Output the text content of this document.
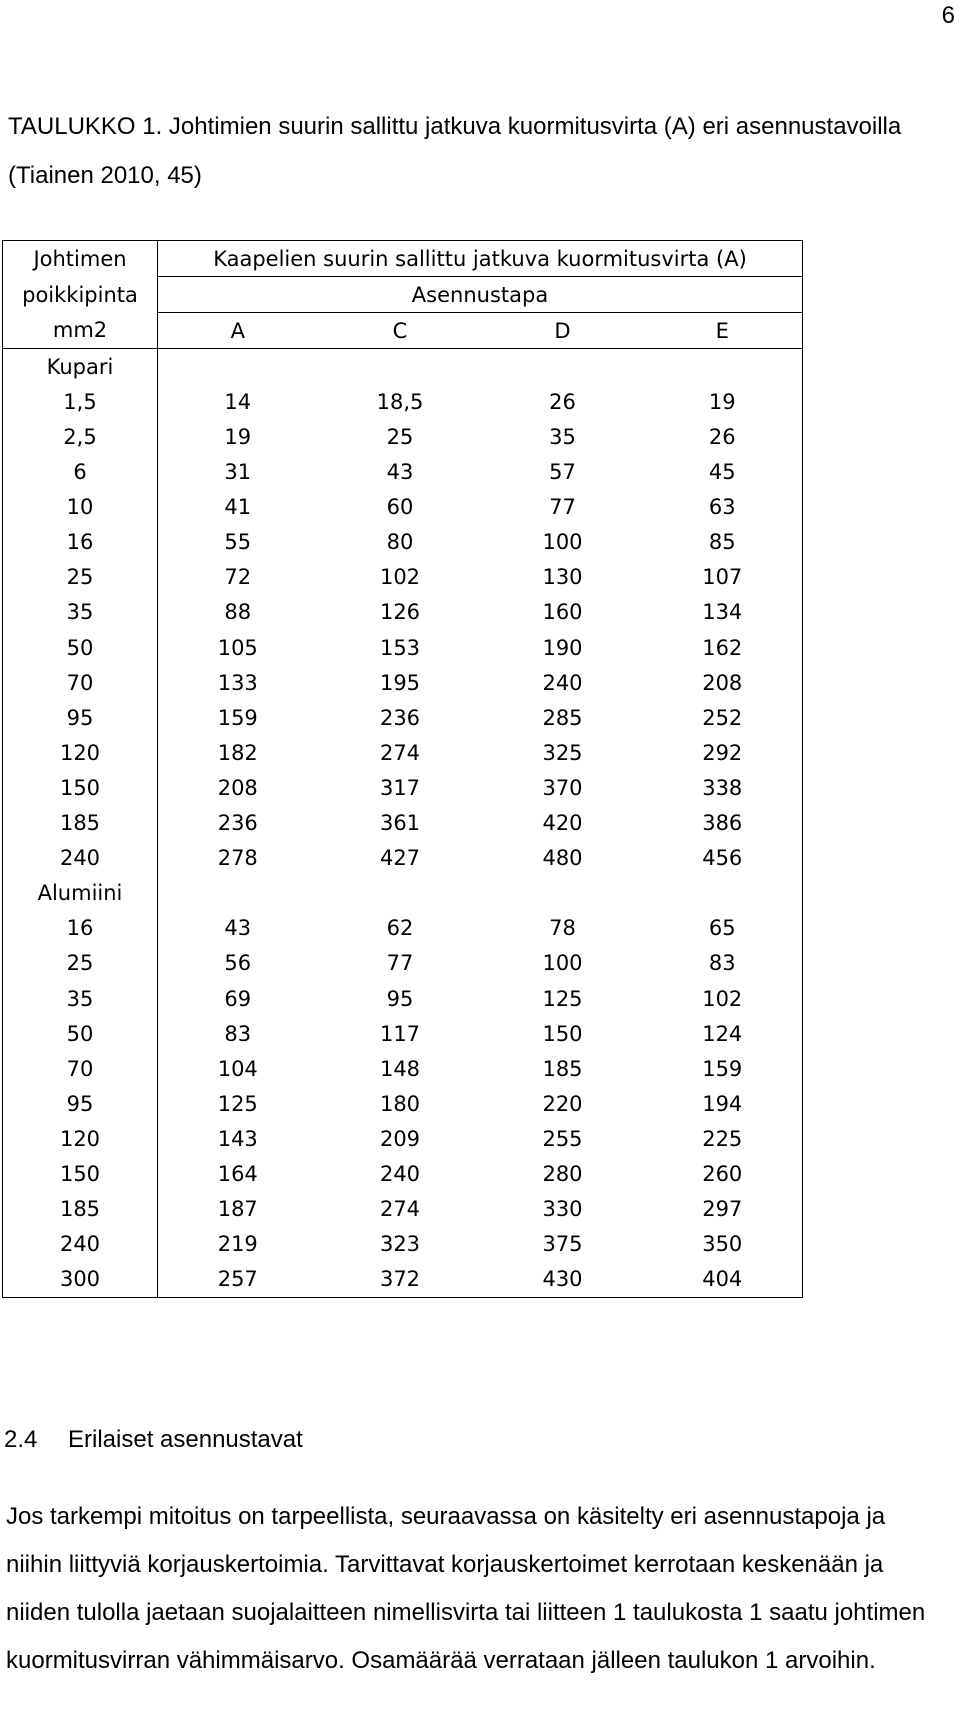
6
TAULUKKO 1. Johtimien suurin sallittu jatkuva kuormitusvirta (A) eri asennustavoilla (Tiainen 2010, 45)
Johtimen	Kaapelien suurin sallittu jatkuva kuormitusvirta (A)			
poikkipinta	Asennustapa			
mm2	A	C	D	E
Kupari				
1,5	14	18,5	26	19
2,5	19	25	35	26
6	31	43	57	45
10	41	60	77	63
16	55	80	100	85
25	72	102	130	107
35	88	126	160	134
50	105	153	190	162
70	133	195	240	208
95	159	236	285	252
120	182	274	325	292
150	208	317	370	338
185	236	361	420	386
240	278	427	480	456
Alumiini				
16	43	62	78	65
25	56	77	100	83
35	69	95	125	102
50	83	117	150	124
70	104	148	185	159
95	125	180	220	194
120	143	209	255	225
150	164	240	280	260
185	187	274	330	297
240	219	323	375	350
300	257	372	430	404
2.4 Erilaiset asennustavat

Jos tarkempi mitoitus on tarpeellista, seuraavassa on käsitelty eri asennustapoja ja niihin liittyviä korjauskertoimia. Tarvittavat korjauskertoimet kerrotaan keskenään ja niiden tulolla jaetaan suojalaitteen nimellisvirta tai liitteen 1 taulukosta 1 saatu johtimen kuormitusvirran vähimmäisarvo. Osamäärää verrataan jälleen taulukon 1 arvoihin.
